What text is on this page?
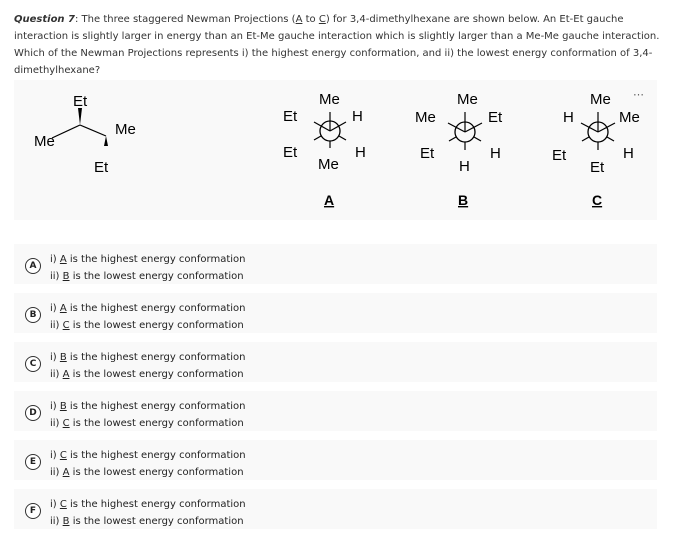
Question 7: The three staggered Newman Projections (A to C) for 3,4-dimethylhexane are shown below. An Et-Et gauche interaction is slightly larger in energy than an Et-Me gauche interaction which is slightly larger than a Me-Me gauche interaction. Which of the Newman Projections represents i) the highest energy conformation, and ii) the lowest energy conformation of 3,4-dimethylhexane?
Et
Me
Me
Et
Me
Et	H
Et	H
Me
A
Me
Me	Et
Et	H
H
B
Me
H	Me
Et	H
Et
C
⋯
A
i) A is the highest energy conformation
ii) B is the lowest energy conformation
B
i) A is the highest energy conformation
ii) C is the lowest energy conformation
C
i) B is the highest energy conformation
ii) A is the lowest energy conformation
D
i) B is the highest energy conformation
ii) C is the lowest energy conformation
E
i) C is the highest energy conformation
ii) A is the lowest energy conformation
F
i) C is the highest energy conformation
ii) B is the lowest energy conformation
